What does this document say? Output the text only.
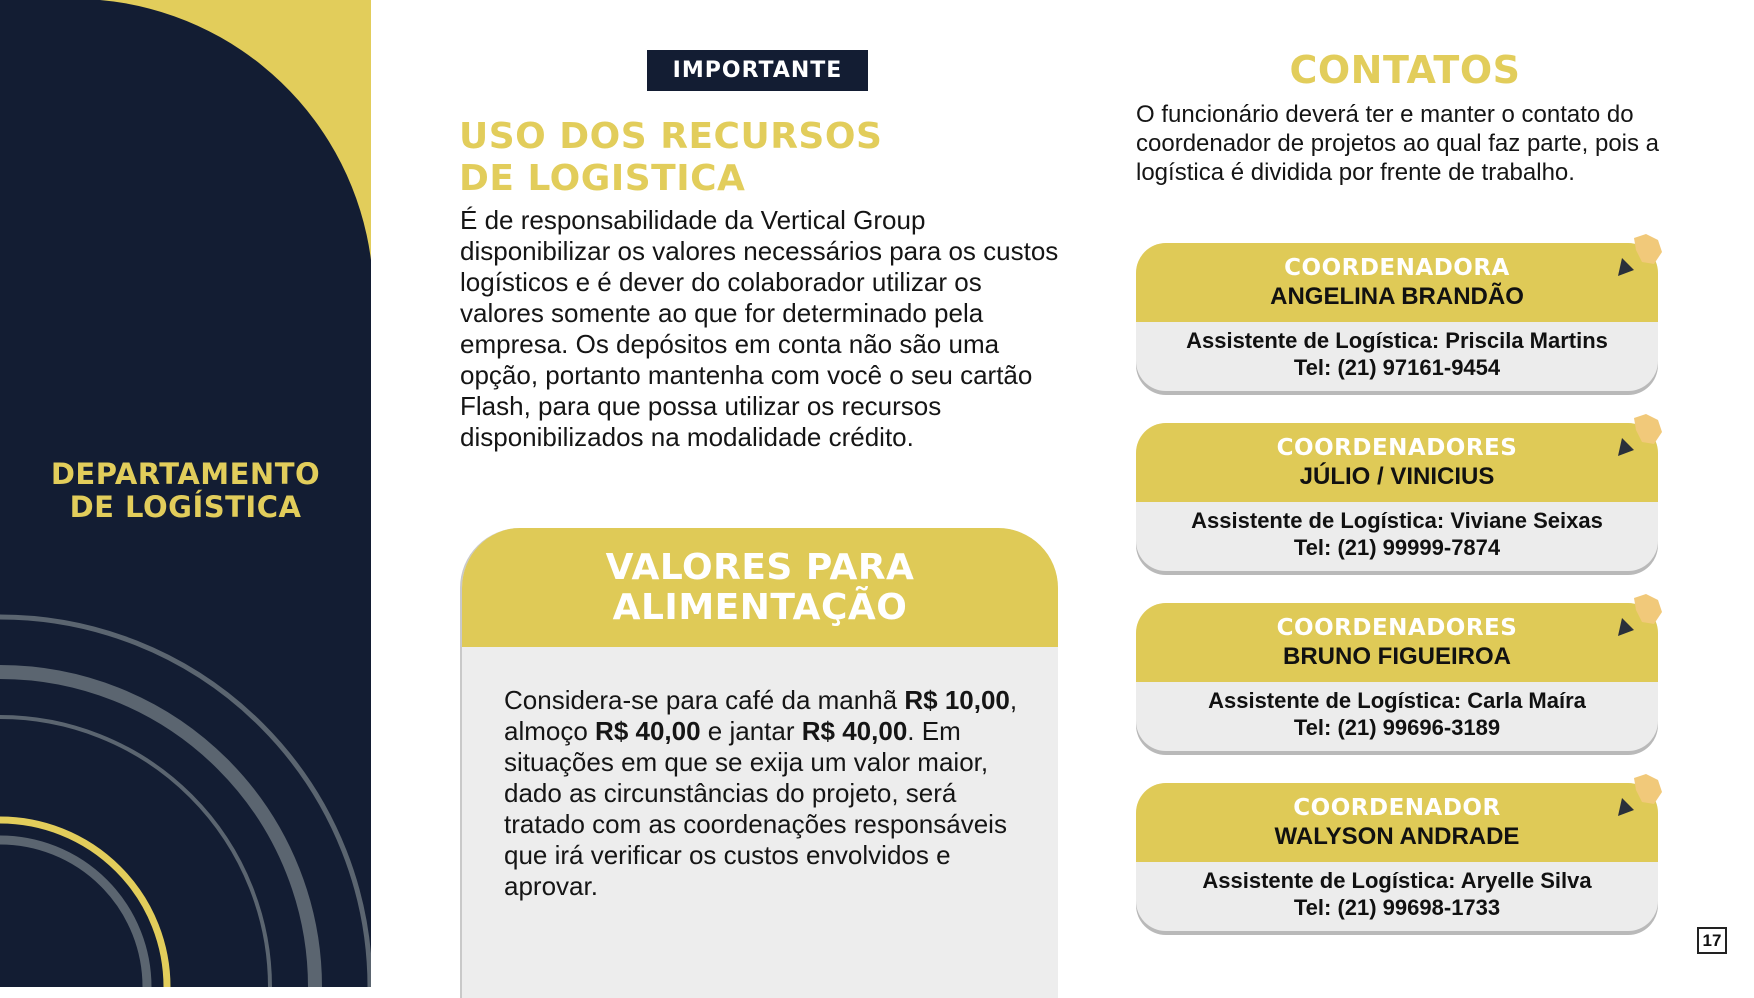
DEPARTAMENTO
DE LOGÍSTICA
IMPORTANTE
USO DOS RECURSOS
DE LOGISTICA

É de responsabilidade da Vertical Group disponibilizar os valores necessários para os custos logísticos e é dever do colaborador utilizar os valores somente ao que for determinado pela empresa. Os depósitos em conta não são uma opção, portanto mantenha com você o seu cartão Flash, para que possa utilizar os recursos disponibilizados na modalidade crédito.

VALORES PARA
ALIMENTAÇÃO

Considera-se para café da manhã R$ 10,00, almoço R$ 40,00 e jantar R$ 40,00. Em situações em que se exija um valor maior, dado as circunstâncias do projeto, será tratado com as coordenações responsáveis que irá verificar os custos envolvidos e aprovar.

CONTATOS

O funcionário deverá ter e manter o contato do coordenador de projetos ao qual faz parte, pois a logística é dividida por frente de trabalho.

COORDENADORA
ANGELINA BRANDÃO
Assistente de Logística: Priscila Martins
Tel: (21) 97161-9454
COORDENADORES
JÚLIO / VINICIUS
Assistente de Logística: Viviane Seixas
Tel: (21) 99999-7874
COORDENADORES
BRUNO FIGUEIROA
Assistente de Logística: Carla Maíra
Tel: (21) 99696-3189
COORDENADOR
WALYSON ANDRADE
Assistente de Logística: Aryelle Silva
Tel: (21) 99698-1733
17
